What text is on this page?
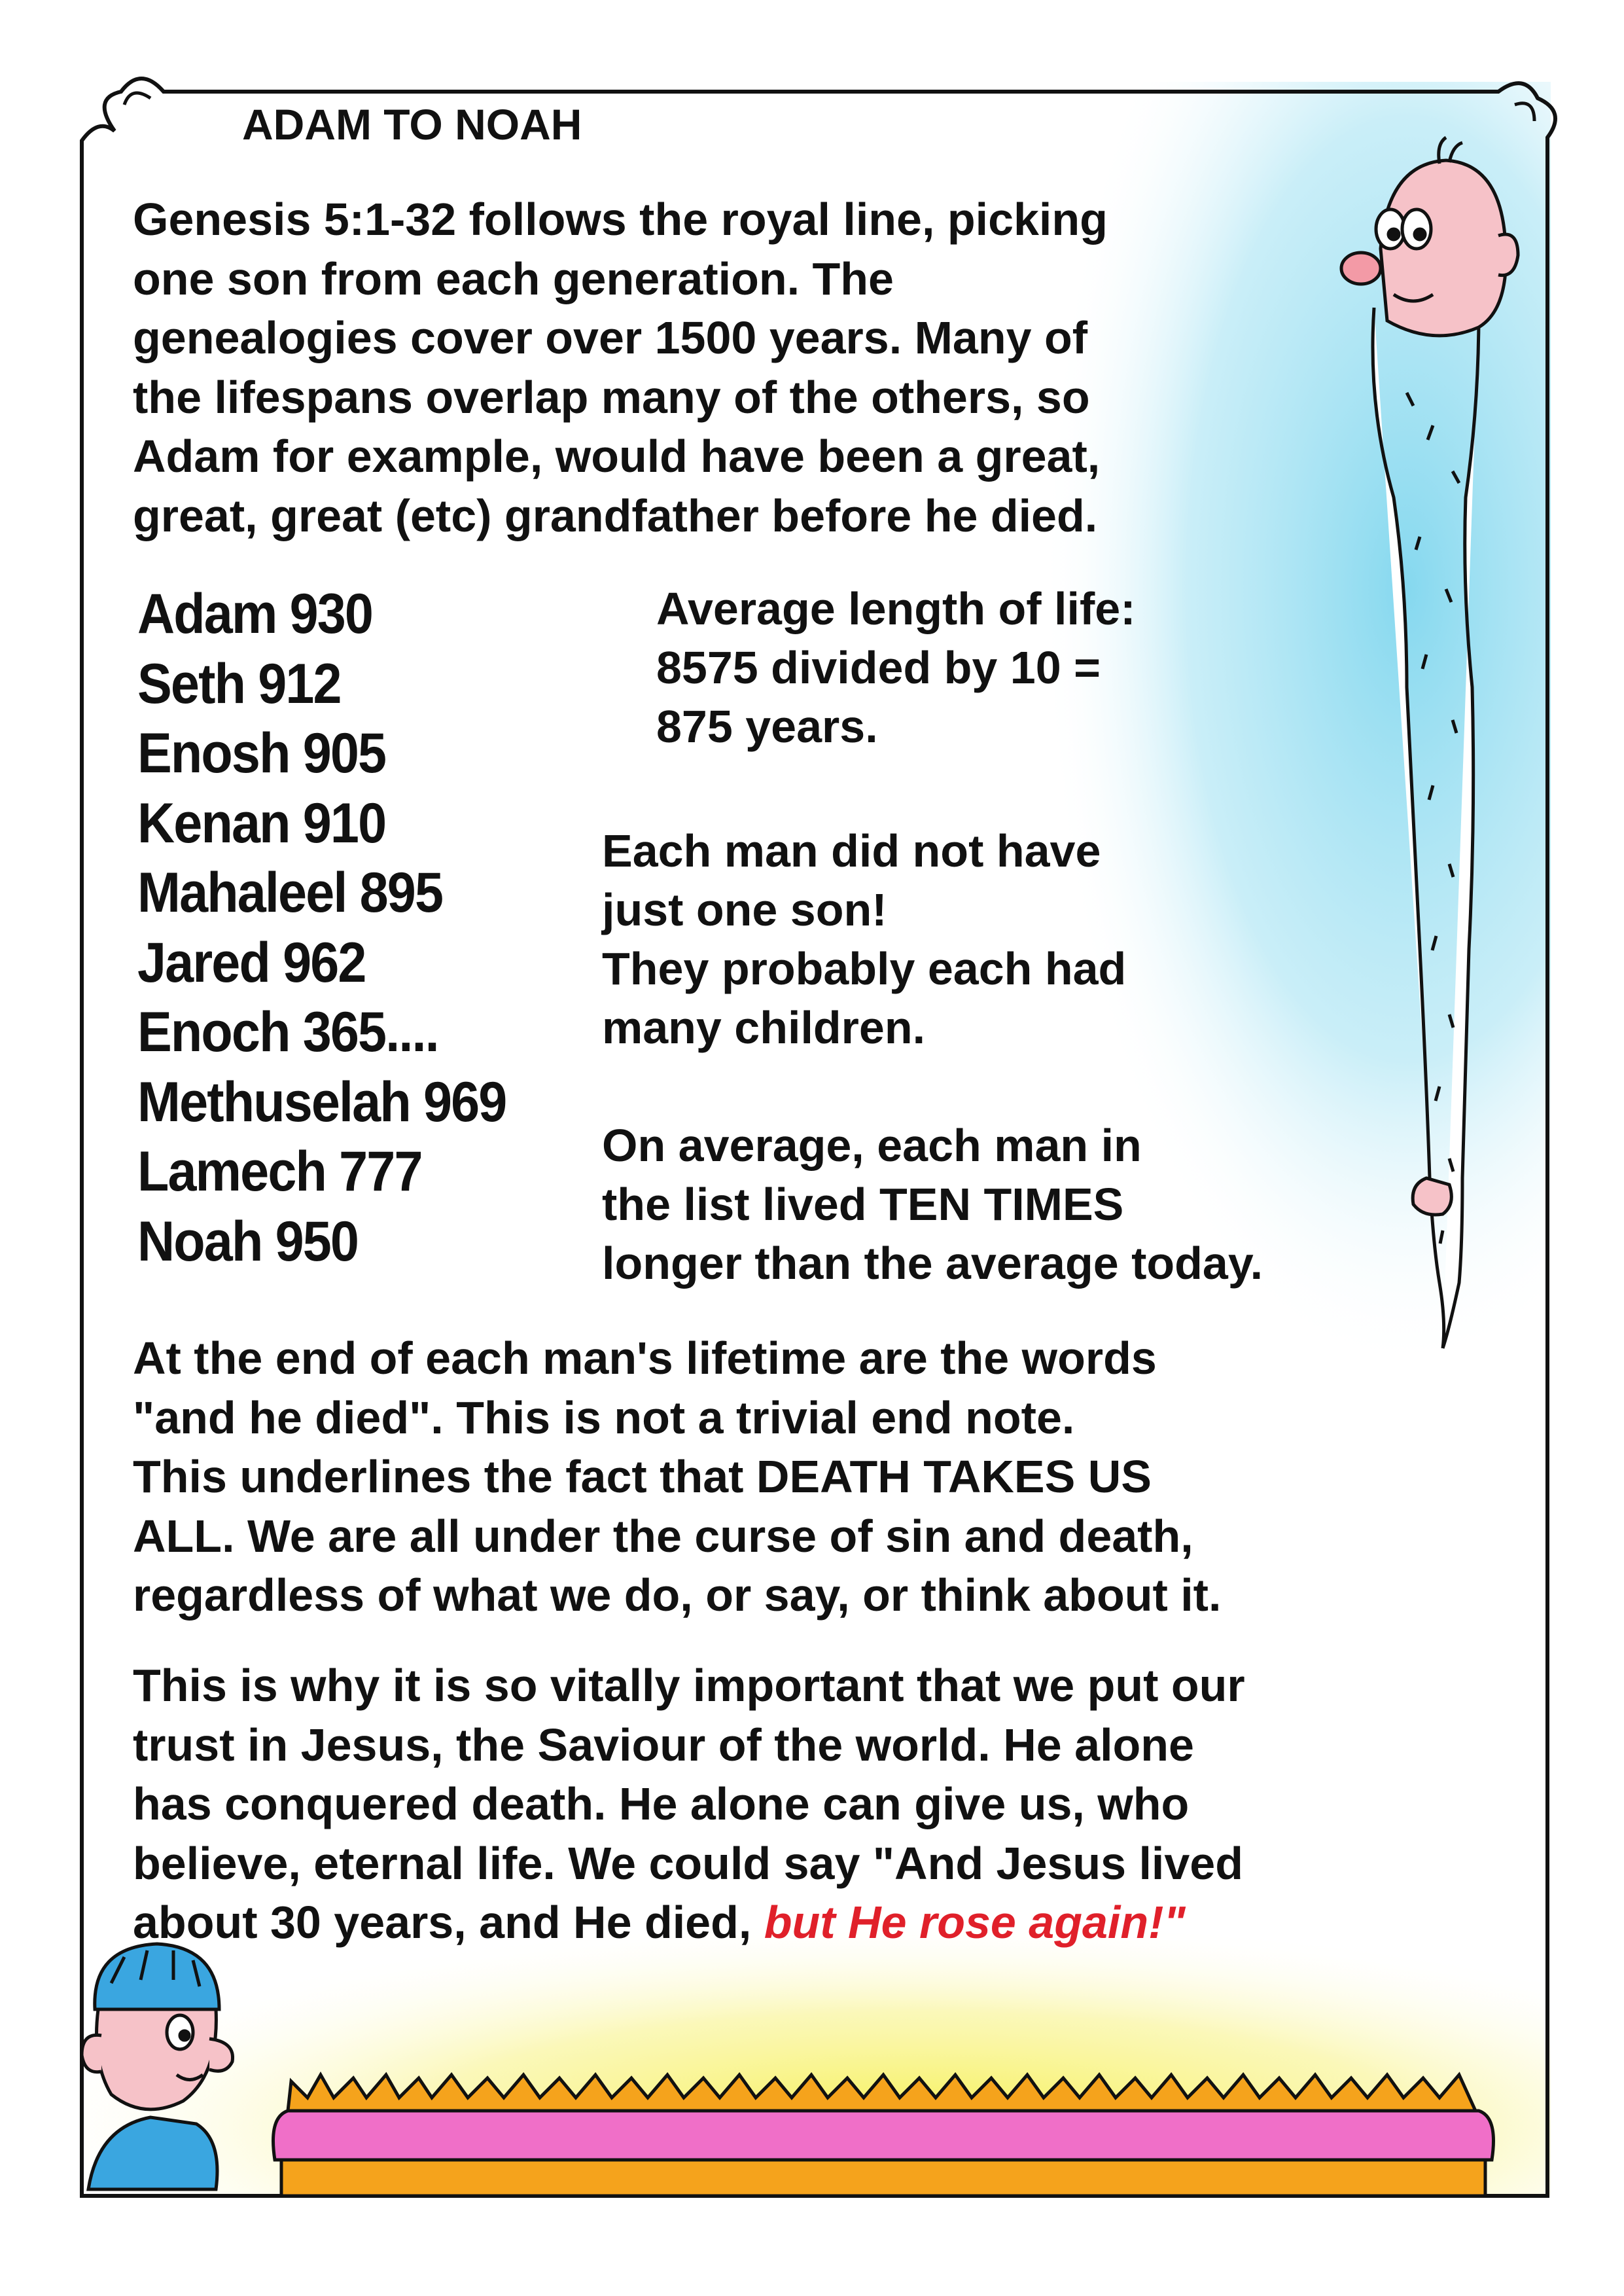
ADAM TO NOAH

Genesis 5:1-32 follows the royal line, picking
one son from each generation. The
genealogies cover over 1500 years. Many of
the lifespans overlap many of the others, so
Adam for example, would have been a great,
great, great (etc) grandfather before he died.

Adam 930
Seth 912
Enosh 905
Kenan 910
Mahaleel 895
Jared 962
Enoch 365....
Methuselah 969
Lamech 777
Noah 950

Average length of life:
8575 divided by 10 =
875 years.

Each man did not have
just one son!
They probably each had
many children.

On average, each man in
the list lived TEN TIMES
longer than the average today.

At the end of each man's lifetime are the words
"and he died". This is not a trivial end note.
This underlines the fact that DEATH TAKES US
ALL. We are all under the curse of sin and death,
regardless of what we do, or say, or think about it.

This is why it is so vitally important that we put our
trust in Jesus, the Saviour of the world. He alone
has conquered death. He alone can give us, who
believe, eternal life. We could say "And Jesus lived
about 30 years, and He died, but He rose again!"
